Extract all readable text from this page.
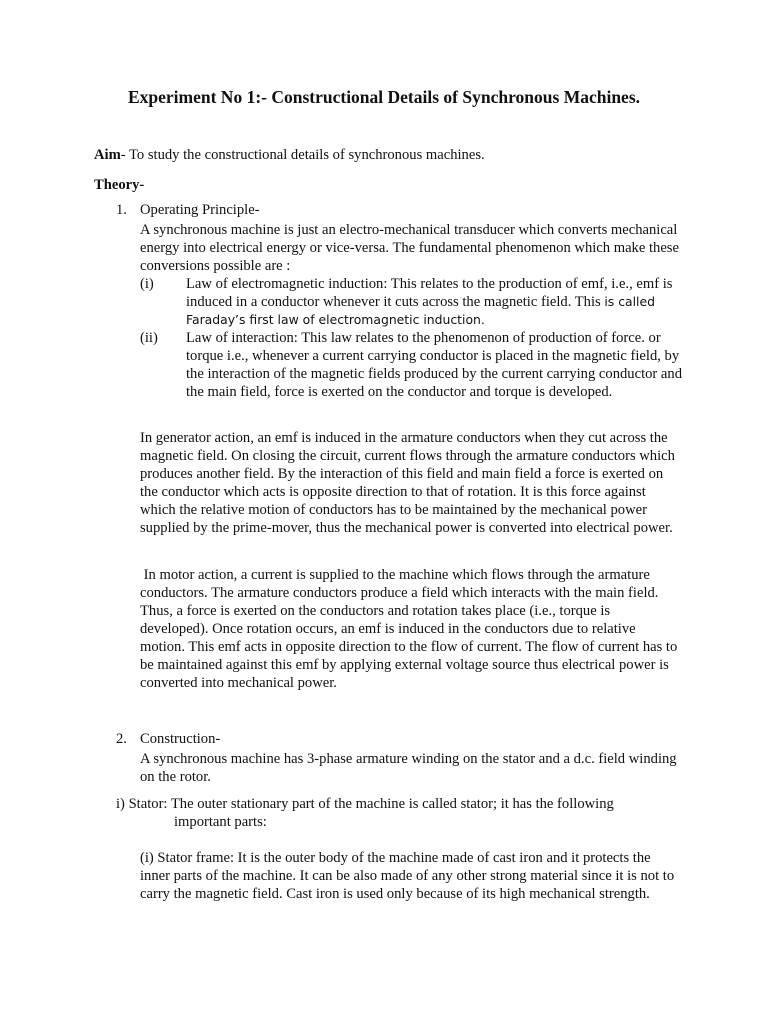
Experiment No 1:- Constructional Details of Synchronous Machines.

Aim- To study the constructional details of synchronous machines.

Theory-

1. Operating Principle-

A synchronous machine is just an electro-mechanical transducer which converts mechanical energy into electrical energy or vice-versa. The fundamental phenomenon which make these conversions possible are :

(i) Law of electromagnetic induction: This relates to the production of emf, i.e., emf is induced in a conductor whenever it cuts across the magnetic field. This is called Faraday’s first law of electromagnetic induction.

(ii) Law of interaction: This law relates to the phenomenon of production of force. or torque i.e., whenever a current carrying conductor is placed in the magnetic field, by the interaction of the magnetic fields produced by the current carrying conductor and the main field, force is exerted on the conductor and torque is developed.

In generator action, an emf is induced in the armature conductors when they cut across the magnetic field. On closing the circuit, current flows through the armature conductors which produces another field. By the interaction of this field and main field a force is exerted on the conductor which acts is opposite direction to that of rotation. It is this force against which the relative motion of conductors has to be maintained by the mechanical power supplied by the prime-mover, thus the mechanical power is converted into electrical power.

In motor action, a current is supplied to the machine which flows through the armature conductors. The armature conductors produce a field which interacts with the main field. Thus, a force is exerted on the conductors and rotation takes place (i.e., torque is developed). Once rotation occurs, an emf is induced in the conductors due to relative motion. This emf acts in opposite direction to the flow of current. The flow of current has to be maintained against this emf by applying external voltage source thus electrical power is converted into mechanical power.

2. Construction-

A synchronous machine has 3-phase armature winding on the stator and a d.c. field winding on the rotor.

i) Stator: The outer stationary part of the machine is called stator; it has the following

important parts:

(i) Stator frame: It is the outer body of the machine made of cast iron and it protects the inner parts of the machine. It can be also made of any other strong material since it is not to carry the magnetic field. Cast iron is used only because of its high mechanical strength.
